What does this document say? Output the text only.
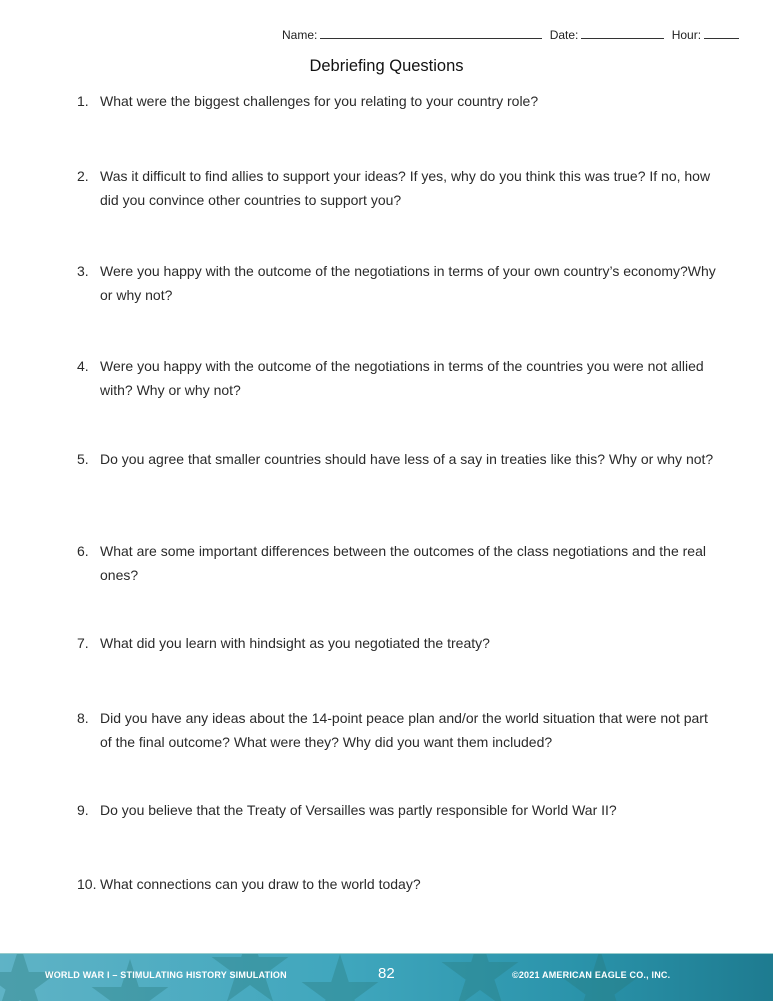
Name:	Date:	Hour:
Debriefing Questions
1. What were the biggest challenges for you relating to your country role?
2. Was it difficult to find allies to support your ideas? If yes, why do you think this was true? If no, how did you convince other countries to support you?
3. Were you happy with the outcome of the negotiations in terms of your own country’s economy?Why or why not?
4. Were you happy with the outcome of the negotiations in terms of the countries you were not allied with? Why or why not?
5. Do you agree that smaller countries should have less of a say in treaties like this? Why or why not?
6. What are some important differences between the outcomes of the class negotiations and the real ones?
7. What did you learn with hindsight as you negotiated the treaty?
8. Did you have any ideas about the 14-point peace plan and/or the world situation that were not part of the final outcome? What were they? Why did you want them included?
9. Do you believe that the Treaty of Versailles was partly responsible for World War II?
10. What connections can you draw to the world today?
WORLD WAR I – STIMULATING HISTORY SIMULATION	82	©2021 AMERICAN EAGLE CO., INC.
